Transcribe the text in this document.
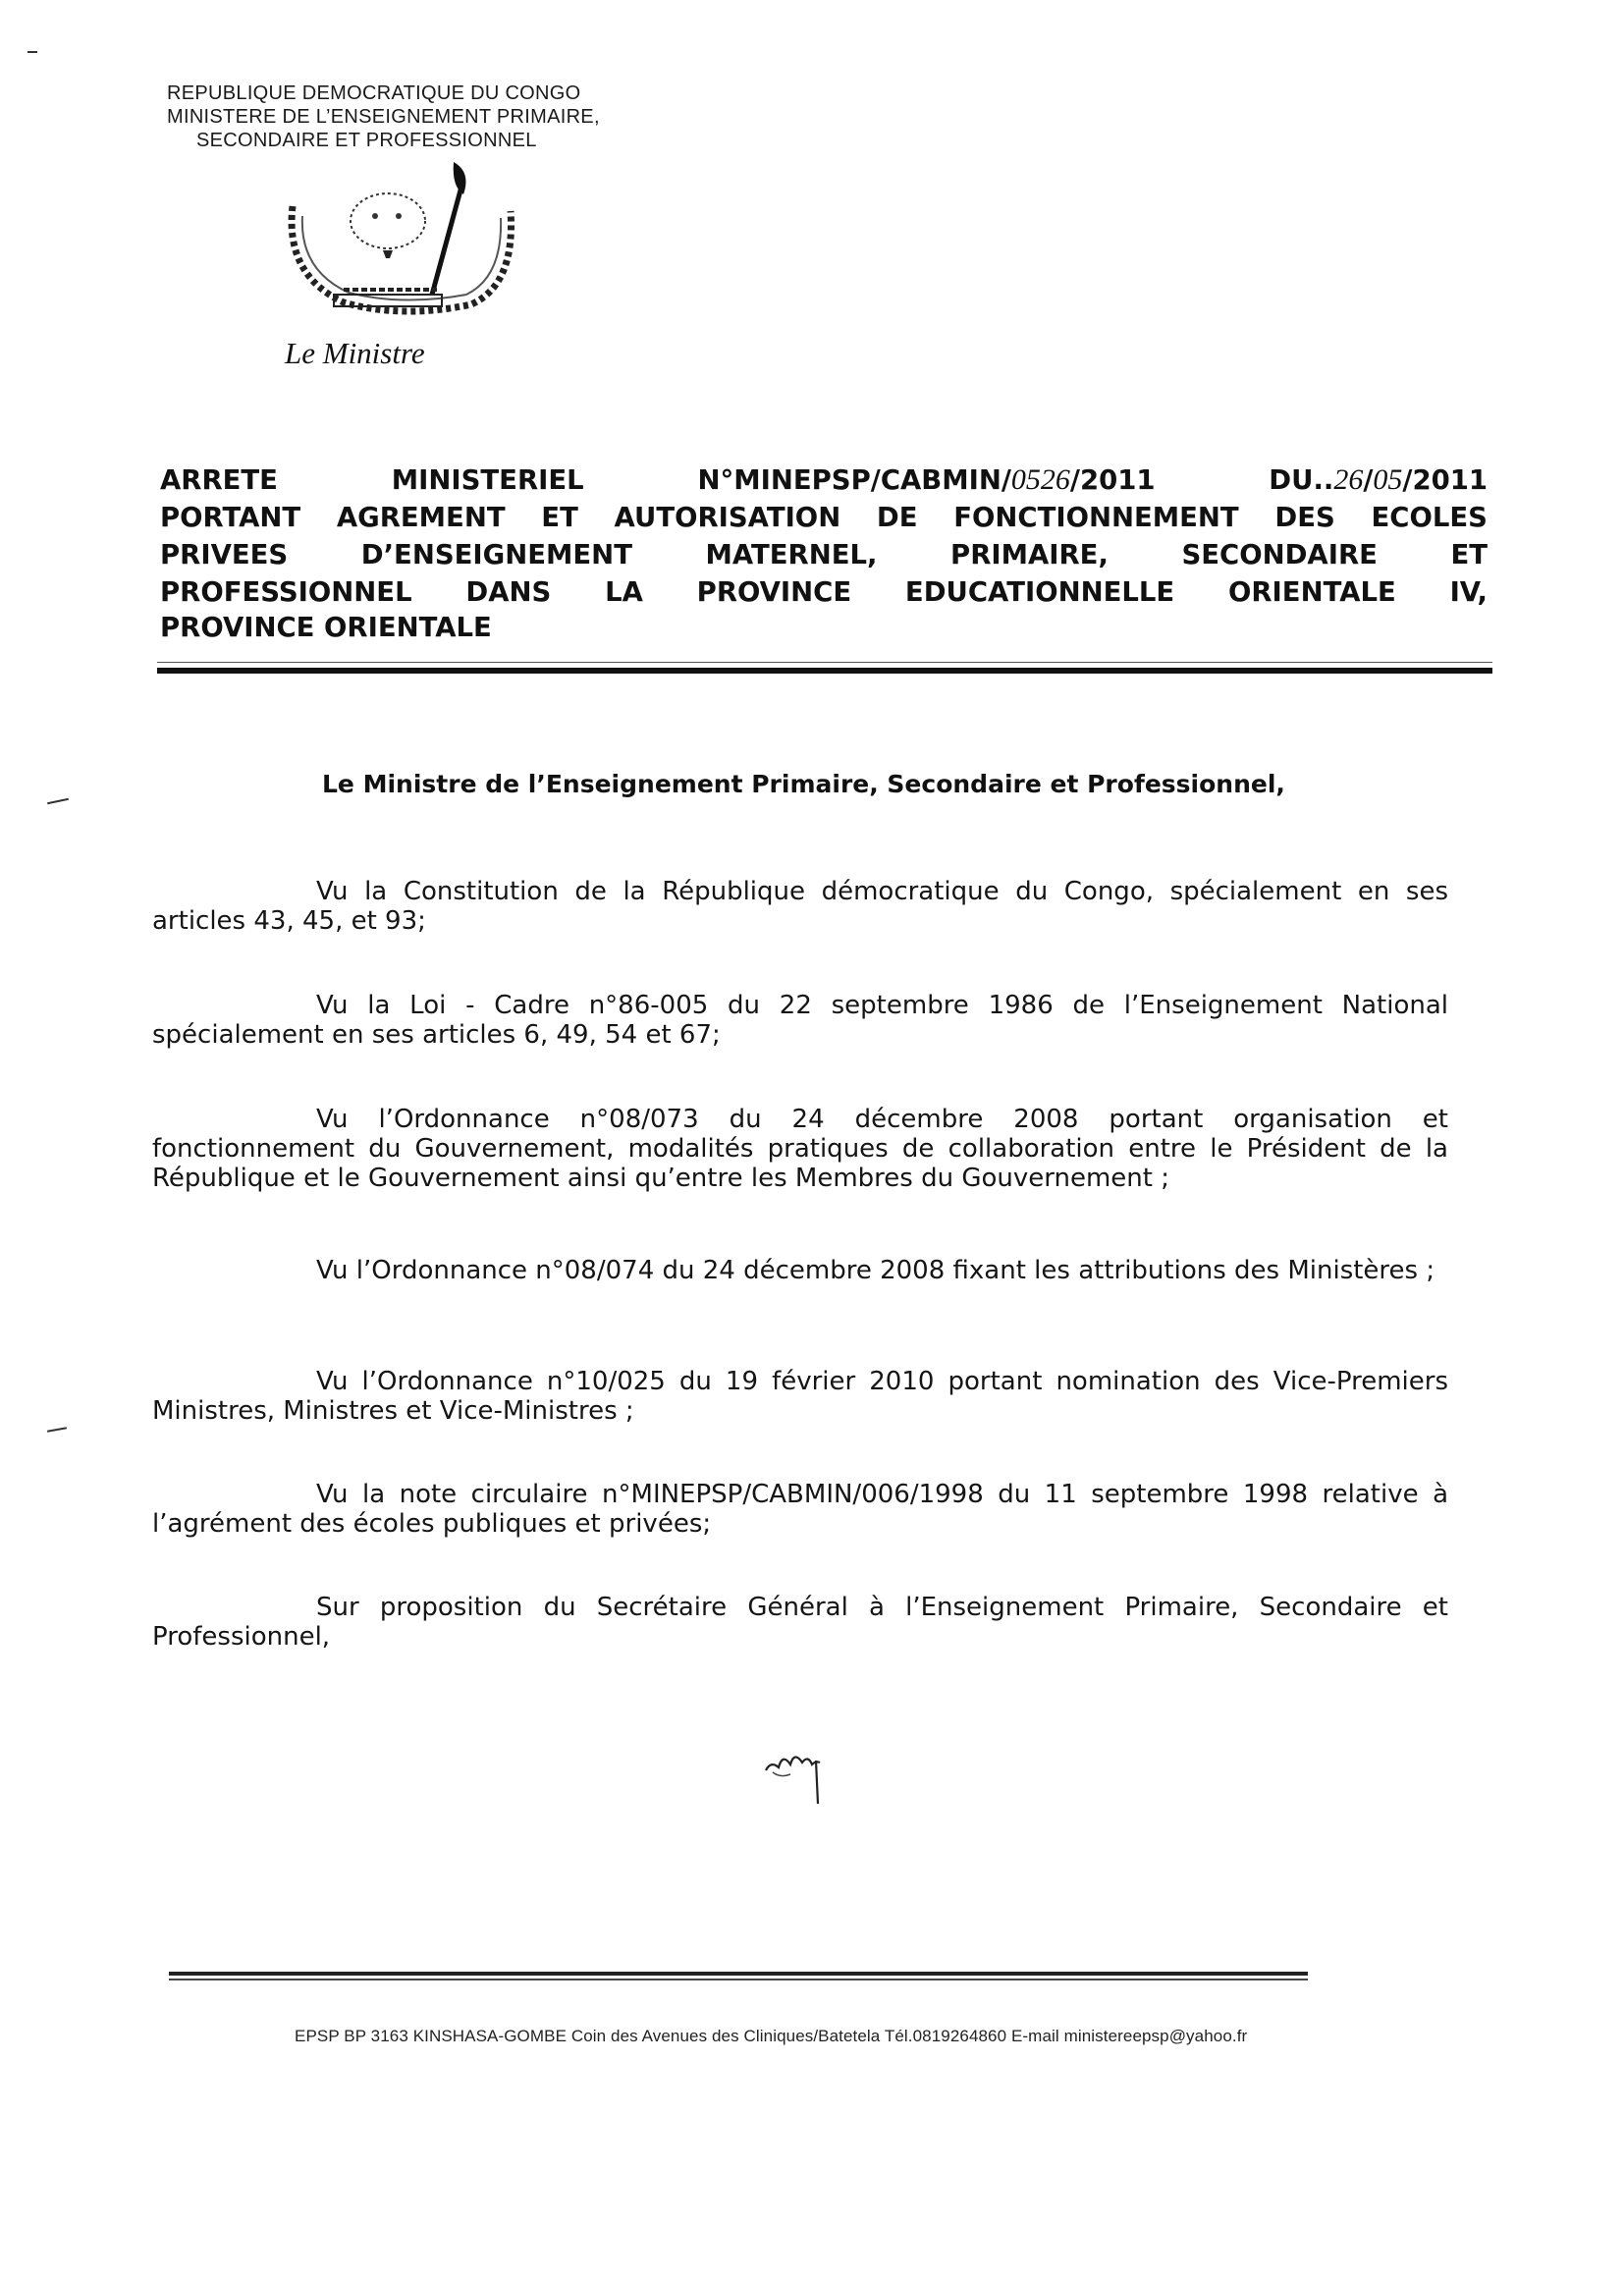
REPUBLIQUE DEMOCRATIQUE DU CONGO
MINISTERE DE L’ENSEIGNEMENT PRIMAIRE,
SECONDAIRE ET PROFESSIONNEL
Le Ministre
ARRETE MINISTERIEL N°MINEPSP/CABMIN/0526/2011 DU..26/05/2011
PORTANT AGREMENT ET AUTORISATION DE FONCTIONNEMENT DES ECOLES
PRIVEES D’ENSEIGNEMENT MATERNEL, PRIMAIRE, SECONDAIRE ET
PROFESSIONNEL DANS LA PROVINCE EDUCATIONNELLE ORIENTALE IV,
PROVINCE ORIENTALE
Le Ministre de l’Enseignement Primaire, Secondaire et Professionnel,
Vu la Constitution de la République démocratique du Congo, spécialement en ses articles 43, 45, et 93;
Vu la Loi - Cadre n°86-005 du 22 septembre 1986 de l’Enseignement National spécialement en ses articles 6, 49, 54 et 67;
Vu l’Ordonnance n°08/073 du 24 décembre 2008 portant organisation et fonctionnement du Gouvernement, modalités pratiques de collaboration entre le Président de la République et le Gouvernement ainsi qu’entre les Membres du Gouvernement ;
Vu l’Ordonnance n°08/074 du 24 décembre 2008 fixant les attributions des Ministères ;
Vu l’Ordonnance n°10/025 du 19 février 2010 portant nomination des Vice-Premiers Ministres, Ministres et Vice-Ministres ;
Vu la note circulaire n°MINEPSP/CABMIN/006/1998 du 11 septembre 1998 relative à l’agrément des écoles publiques et privées;
Sur proposition du Secrétaire Général à l’Enseignement Primaire, Secondaire et Professionnel,
EPSP BP 3163 KINSHASA-GOMBE Coin des Avenues des Cliniques/Batetela Tél.0819264860 E-mail ministereepsp@yahoo.fr
